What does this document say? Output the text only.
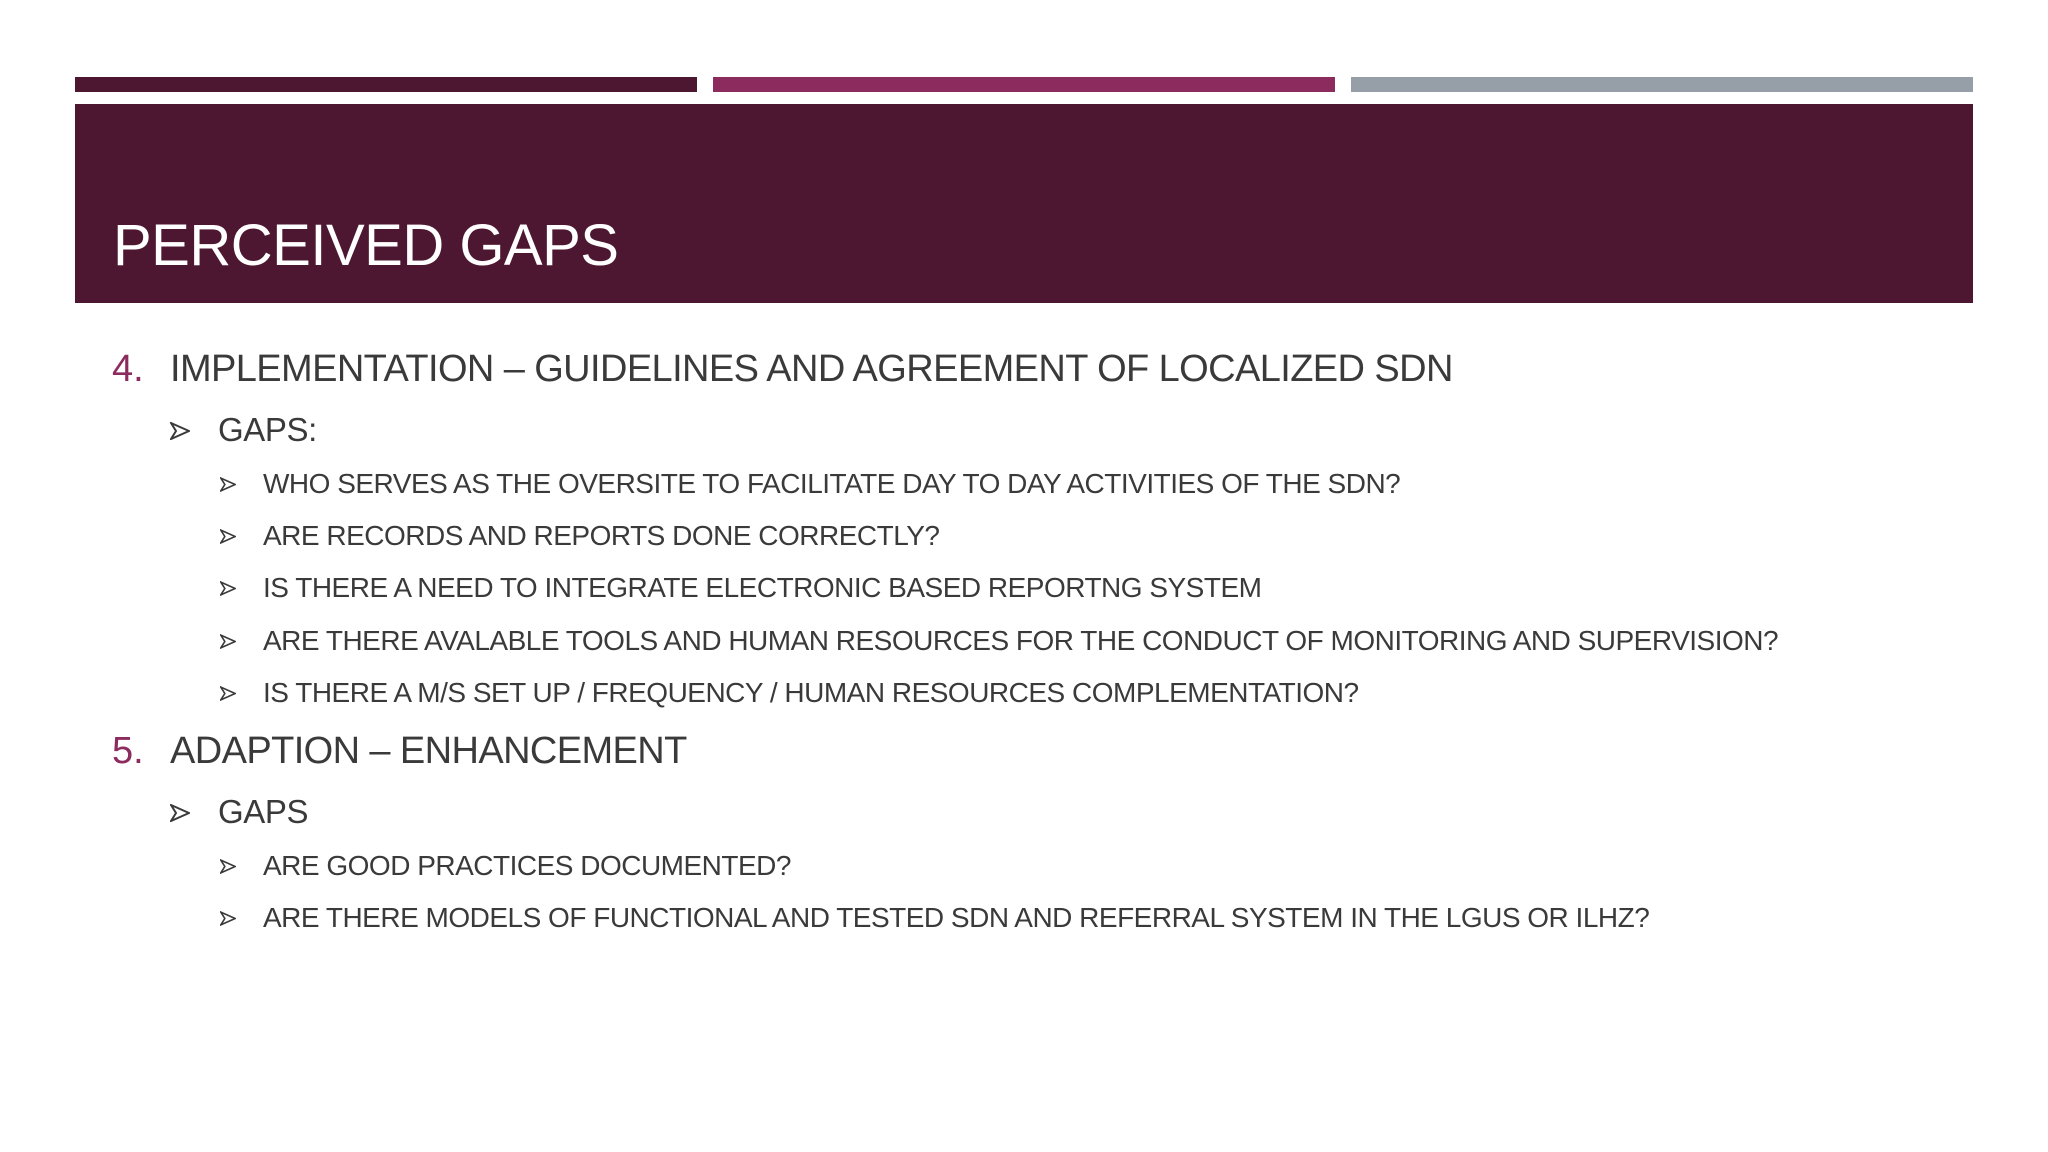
PERCEIVED GAPS
4. IMPLEMENTATION – GUIDELINES AND AGREEMENT OF LOCALIZED SDN
GAPS:
WHO SERVES AS THE OVERSITE TO FACILITATE DAY TO DAY ACTIVITIES OF THE SDN?
ARE RECORDS AND REPORTS DONE CORRECTLY?
IS THERE A NEED TO INTEGRATE ELECTRONIC BASED REPORTNG SYSTEM
ARE THERE AVALABLE TOOLS AND HUMAN RESOURCES FOR THE CONDUCT OF MONITORING AND SUPERVISION?
IS THERE A M/S SET UP / FREQUENCY / HUMAN RESOURCES COMPLEMENTATION?
5. ADAPTION – ENHANCEMENT
GAPS
ARE GOOD PRACTICES DOCUMENTED?
ARE THERE MODELS OF FUNCTIONAL AND TESTED SDN AND REFERRAL SYSTEM IN THE LGUS OR ILHZ?
